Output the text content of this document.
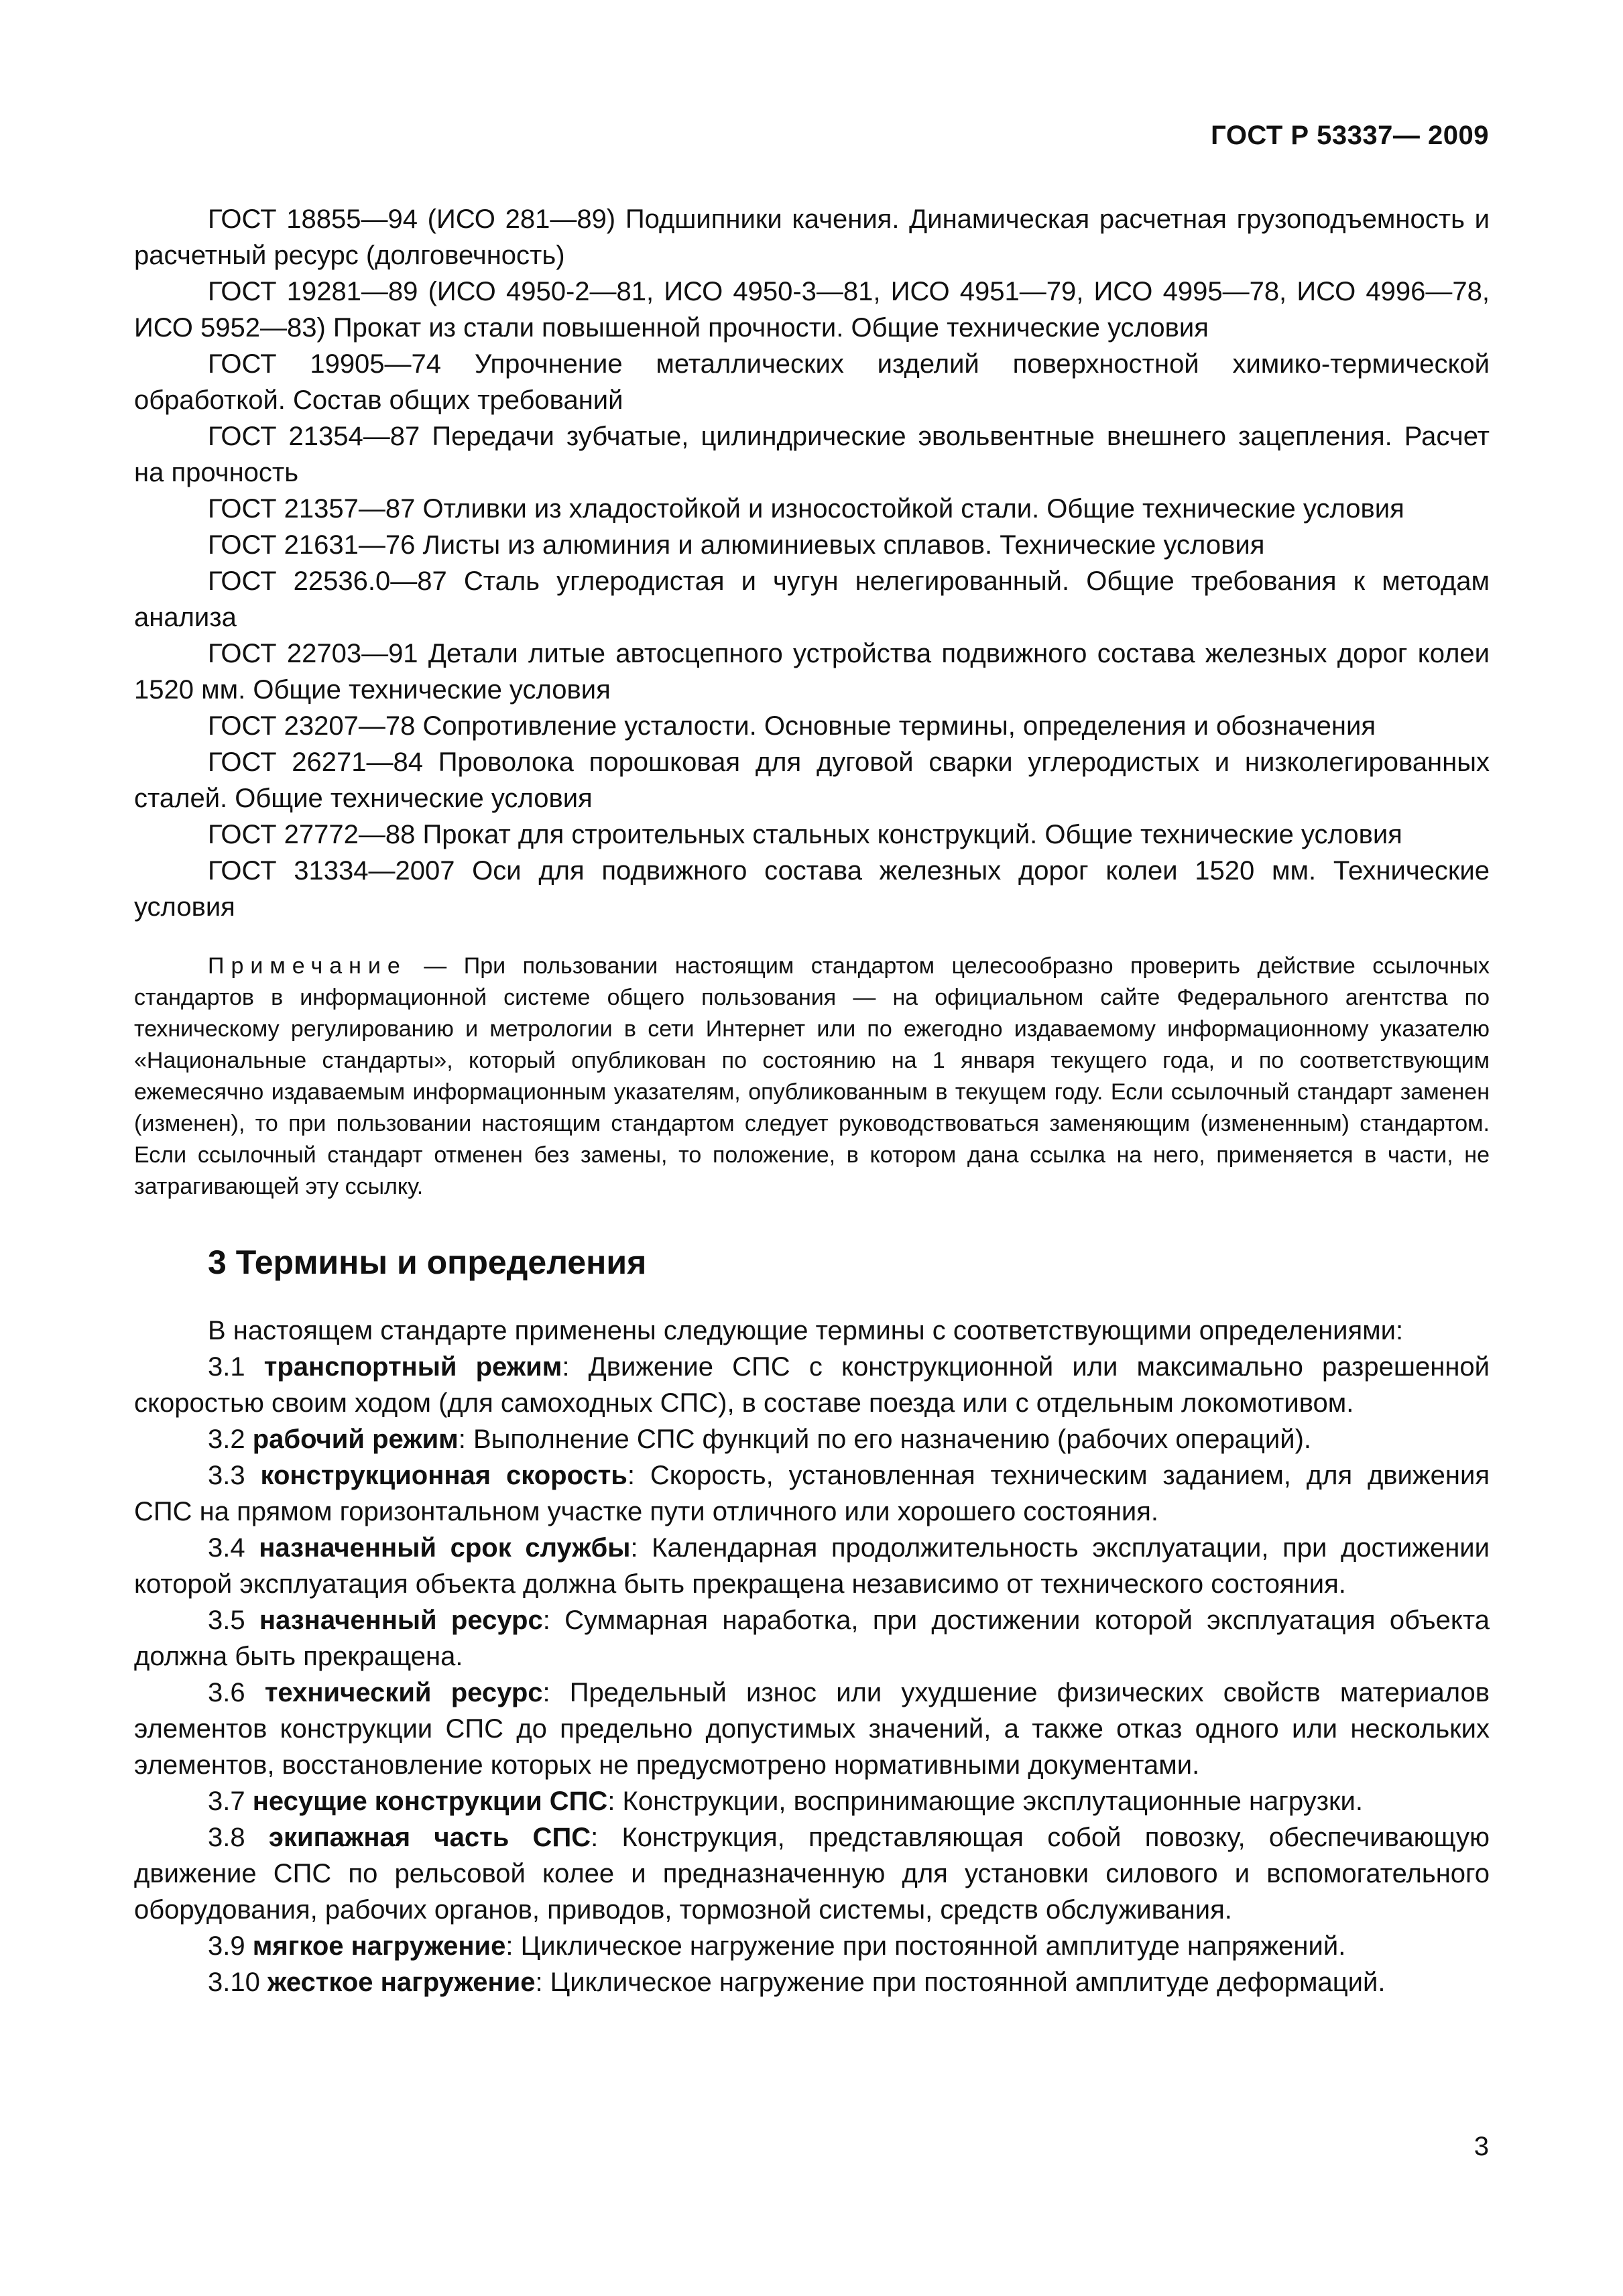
ГОСТ Р 53337— 2009

ГОСТ 18855—94 (ИСО 281—89) Подшипники качения. Динамическая расчетная грузоподъемность и расчетный ресурс (долговечность)

ГОСТ 19281—89 (ИСО 4950-2—81, ИСО 4950-3—81, ИСО 4951—79, ИСО 4995—78, ИСО 4996—78, ИСО 5952—83) Прокат из стали повышенной прочности. Общие технические условия

ГОСТ 19905—74 Упрочнение металлических изделий поверхностной химико-термической обработкой. Состав общих требований

ГОСТ 21354—87 Передачи зубчатые, цилиндрические эвольвентные внешнего зацепления. Расчет на прочность

ГОСТ 21357—87 Отливки из хладостойкой и износостойкой стали. Общие технические условия

ГОСТ 21631—76 Листы из алюминия и алюминиевых сплавов. Технические условия

ГОСТ 22536.0—87 Сталь углеродистая и чугун нелегированный. Общие требования к методам анализа

ГОСТ 22703—91 Детали литые автосцепного устройства подвижного состава железных дорог колеи 1520 мм. Общие технические условия

ГОСТ 23207—78 Сопротивление усталости. Основные термины, определения и обозначения

ГОСТ 26271—84 Проволока порошковая для дуговой сварки углеродистых и низколегированных сталей. Общие технические условия

ГОСТ 27772—88 Прокат для строительных стальных конструкций. Общие технические условия

ГОСТ 31334—2007 Оси для подвижного состава железных дорог колеи 1520 мм. Технические условия

Примечание — При пользовании настоящим стандартом целесообразно проверить действие ссылочных стандартов в информационной системе общего пользования — на официальном сайте Федерального агентства по техническому регулированию и метрологии в сети Интернет или по ежегодно издаваемому информационному указателю «Национальные стандарты», который опубликован по состоянию на 1 января текущего года, и по соответствующим ежемесячно издаваемым информационным указателям, опубликованным в текущем году. Если ссылочный стандарт заменен (изменен), то при пользовании настоящим стандартом следует руководствоваться заменяющим (измененным) стандартом. Если ссылочный стандарт отменен без замены, то положение, в котором дана ссылка на него, применяется в части, не затрагивающей эту ссылку.

3 Термины и определения

В настоящем стандарте применены следующие термины с соответствующими определениями:

3.1 транспортный режим: Движение СПС с конструкционной или максимально разрешенной скоростью своим ходом (для самоходных СПС), в составе поезда или с отдельным локомотивом.

3.2 рабочий режим: Выполнение СПС функций по его назначению (рабочих операций).

3.3 конструкционная скорость: Скорость, установленная техническим заданием, для движения СПС на прямом горизонтальном участке пути отличного или хорошего состояния.

3.4 назначенный срок службы: Календарная продолжительность эксплуатации, при достижении которой эксплуатация объекта должна быть прекращена независимо от технического состояния.

3.5 назначенный ресурс: Суммарная наработка, при достижении которой эксплуатация объекта должна быть прекращена.

3.6 технический ресурс: Предельный износ или ухудшение физических свойств материалов элементов конструкции СПС до предельно допустимых значений, а также отказ одного или нескольких элементов, восстановление которых не предусмотрено нормативными документами.

3.7 несущие конструкции СПС: Конструкции, воспринимающие эксплутационные нагрузки.

3.8 экипажная часть СПС: Конструкция, представляющая собой повозку, обеспечивающую движение СПС по рельсовой колее и предназначенную для установки силового и вспомогательного оборудования, рабочих органов, приводов, тормозной системы, средств обслуживания.

3.9 мягкое нагружение: Циклическое нагружение при постоянной амплитуде напряжений.

3.10 жесткое нагружение: Циклическое нагружение при постоянной амплитуде деформаций.

3
